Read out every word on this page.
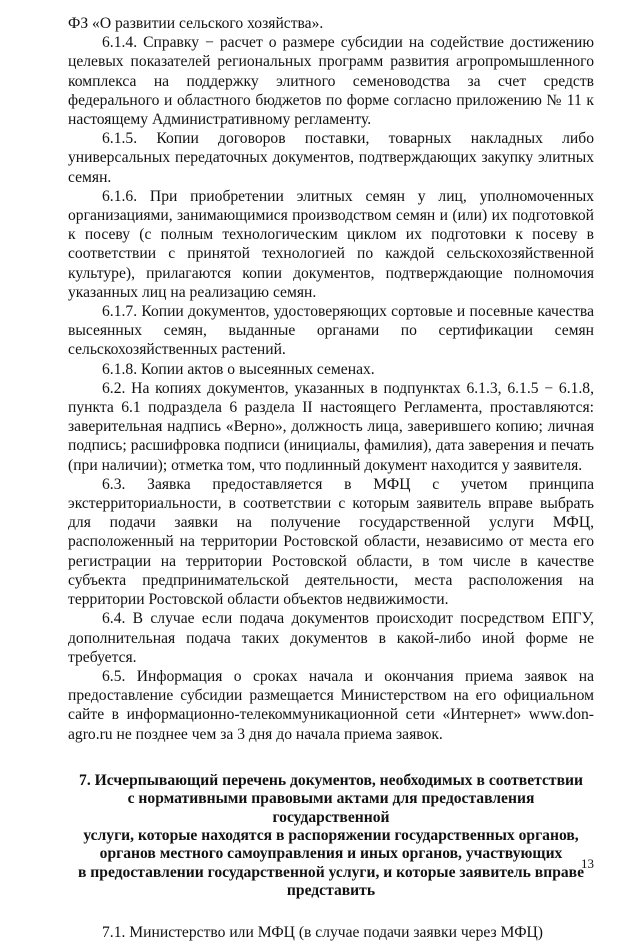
ФЗ «О развитии сельского хозяйства».

6.1.4. Справку − расчет о размере субсидии на содействие достижению целевых показателей региональных программ развития агропромышленного комплекса на поддержку элитного семеноводства за счет средств федерального и областного бюджетов по форме согласно приложению № 11 к настоящему Административному регламенту.

6.1.5. Копии договоров поставки, товарных накладных либо универсальных передаточных документов, подтверждающих закупку элитных семян.

6.1.6. При приобретении элитных семян у лиц, уполномоченных организациями, занимающимися производством семян и (или) их подготовкой к посеву (с полным технологическим циклом их подготовки к посеву в соответствии с принятой технологией по каждой сельскохозяйственной культуре), прилагаются копии документов, подтверждающие полномочия указанных лиц на реализацию семян.

6.1.7. Копии документов, удостоверяющих сортовые и посевные качества высеянных семян, выданные органами по сертификации семян сельскохозяйственных растений.

6.1.8. Копии актов о высеянных семенах.

6.2. На копиях документов, указанных в подпунктах 6.1.3, 6.1.5 − 6.1.8, пункта 6.1 подраздела 6 раздела II настоящего Регламента, проставляются: заверительная надпись «Верно», должность лица, заверившего копию; личная подпись; расшифровка подписи (инициалы, фамилия), дата заверения и печать (при наличии); отметка том, что подлинный документ находится у заявителя.

6.3. Заявка предоставляется в МФЦ с учетом принципа экстерриториальности, в соответствии с которым заявитель вправе выбрать для подачи заявки на получение государственной услуги МФЦ, расположенный на территории Ростовской области, независимо от места его регистрации на территории Ростовской области, в том числе в качестве субъекта предпринимательской деятельности, места расположения на территории Ростовской области объектов недвижимости.

6.4. В случае если подача документов происходит посредством ЕПГУ, дополнительная подача таких документов в какой-либо иной форме не требуется.

6.5. Информация о сроках начала и окончания приема заявок на предоставление субсидии размещается Министерством на его официальном сайте в информационно-телекоммуникационной сети «Интернет» www.don-agro.ru не позднее чем за 3 дня до начала приема заявок.

7. Исчерпывающий перечень документов, необходимых в соответствии
с нормативными правовыми актами для предоставления государственной
услуги, которые находятся в распоряжении государственных органов,
органов местного самоуправления и иных органов, участвующих
в предоставлении государственной услуги, и которые заявитель вправе
представить

7.1. Министерство или МФЦ (в случае подачи заявки через МФЦ)

13
